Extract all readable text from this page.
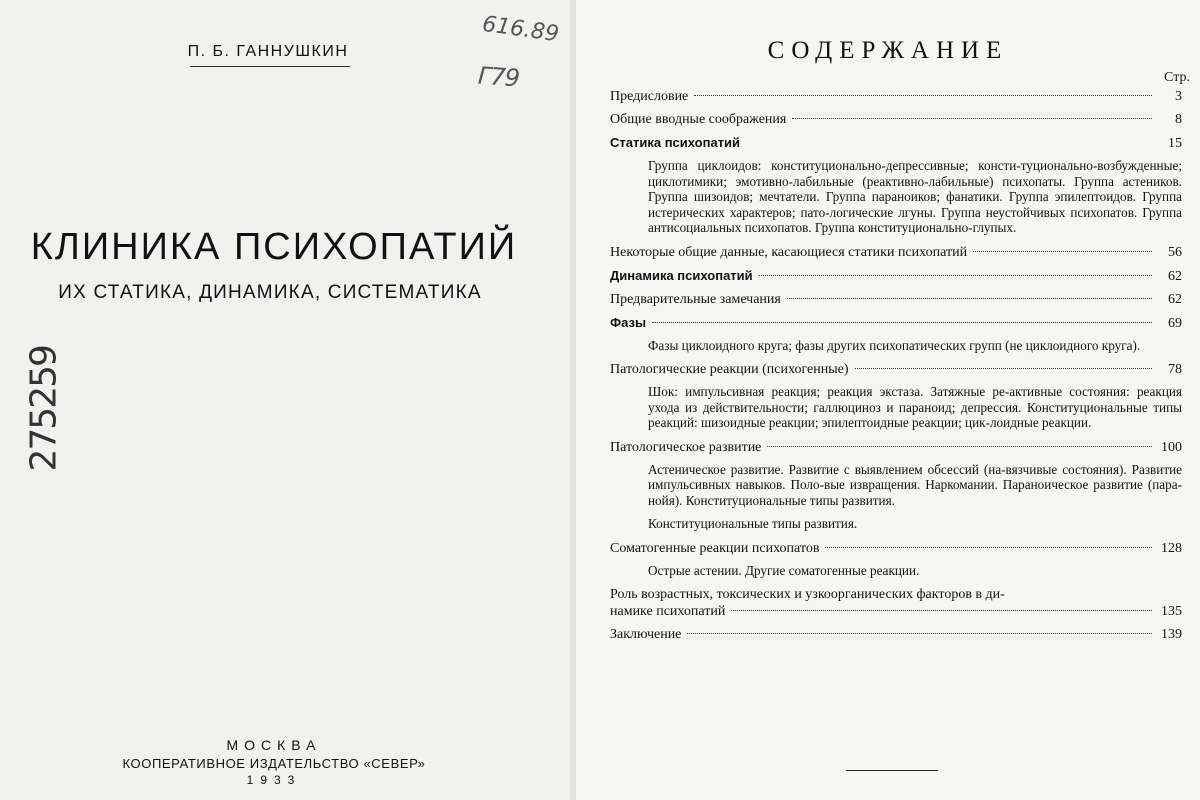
П. Б. ГАННУШКИН
616.89
Г79
275259
КЛИНИКА ПСИХОПАТИЙ
ИХ СТАТИКА, ДИНАМИКА, СИСТЕМАТИКА
МОСКВА
КООПЕРАТИВНОЕ ИЗДАТЕЛЬСТВО «СЕВЕР»
1933
СОДЕРЖАНИЕ
Стр.
Предисловие	3
Общие вводные соображения	8
Статика психопатий	15
Группа циклоидов: конституционально-депрессивные; консти-туционально-возбужденные; циклотимики; эмотивно-лабильные (реактивно-лабильные) психопаты. Группа астеников. Группа шизоидов; мечтатели. Группа параноиков; фанатики. Группа эпилептоидов. Группа истерических характеров; пато-логические лгуны. Группа неустойчивых психопатов. Группа антисоциальных психопатов. Группа конституционально-глупых.
Некоторые общие данные, касающиеся статики психопатий	56
Динамика психопатий	62
Предварительные замечания	62
Фазы	69
Фазы циклоидного круга; фазы других психопатических групп (не циклоидного круга).
Патологические реакции (психогенные)	78
Шок: импульсивная реакция; реакция экстаза. Затяжные ре-активные состояния: реакция ухода из действительности; галлюциноз и параноид; депрессия. Конституциональные типы реакций: шизоидные реакции; эпилептоидные реакции; цик-лоидные реакции.
Патологическое развитие	100
Астеническое развитие. Развитие с выявлением обсессий (на-вязчивые состояния). Развитие импульсивных навыков. Поло-вые извращения. Наркомании. Параноическое развитие (пара-нойя). Конституциональные типы развития.
Конституциональные типы развития.
Соматогенные реакции психопатов	128
Острые астении. Другие соматогенные реакции.
Роль возрастных, токсических и узкоорганических факторов в ди-
намике психопатий	135
Заключение	139
